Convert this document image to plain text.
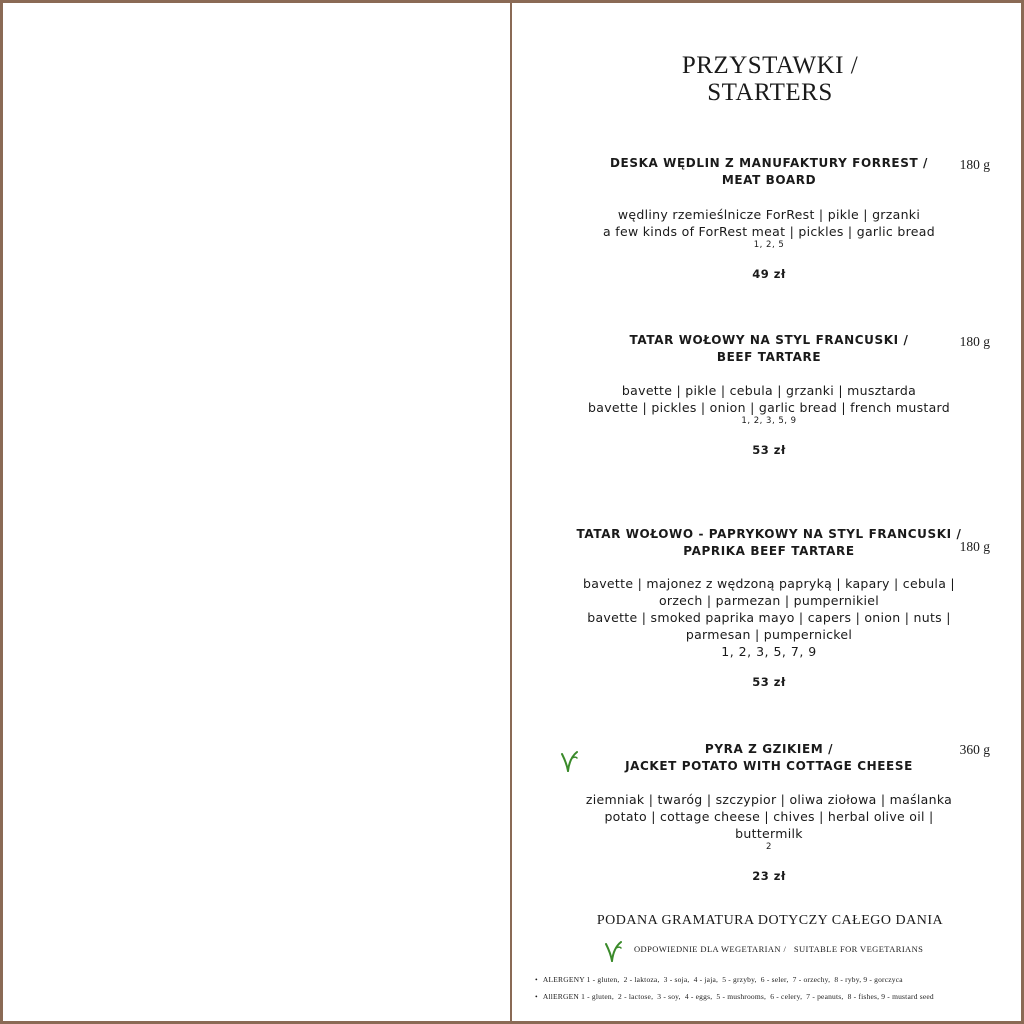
PRZYSTAWKI /
STARTERS
DESKA WĘDLIN Z MANUFAKTURY FORREST /
MEAT BOARD
wędliny rzemieślnicze ForRest | pikle | grzanki
a few kinds of ForRest meat | pickles | garlic bread
1, 2, 5
49 zł
180 g
TATAR WOŁOWY NA STYL FRANCUSKI /
BEEF TARTARE
bavette | pikle | cebula | grzanki | musztarda
bavette | pickles | onion | garlic bread | french mustard
1, 2, 3, 5, 9
53 zł
180 g
TATAR WOŁOWO - PAPRYKOWY NA STYL FRANCUSKI /
PAPRIKA BEEF TARTARE
bavette | majonez z wędzoną papryką | kapary | cebula |
orzech | parmezan | pumpernikiel
bavette | smoked paprika mayo | capers | onion | nuts |
parmesan | pumpernickel
1, 2, 3, 5, 7, 9
53 zł
180 g
PYRA Z GZIKIEM /
JACKET POTATO WITH COTTAGE CHEESE
ziemniak | twaróg | szczypior | oliwa ziołowa | maślanka
potato | cottage cheese | chives | herbal olive oil |
buttermilk
2
23 zł
360 g
PODANA GRAMATURA DOTYCZY CAŁEGO DANIA
ODPOWIEDNIE DLA WEGETARIAN /   SUITABLE FOR VEGETARIANS
• ALERGENY 1 - gluten,  2 - laktoza,  3 - soja,  4 - jaja,  5 - grzyby,  6 - seler,  7 - orzechy,  8 - ryby, 9 - gorczyca
• AllERGEN 1 - gluten,  2 - lactose,  3 - soy,  4 - eggs,  5 - mushrooms,  6 - celery,  7 - peanuts,  8 - fishes, 9 - mustard seed
